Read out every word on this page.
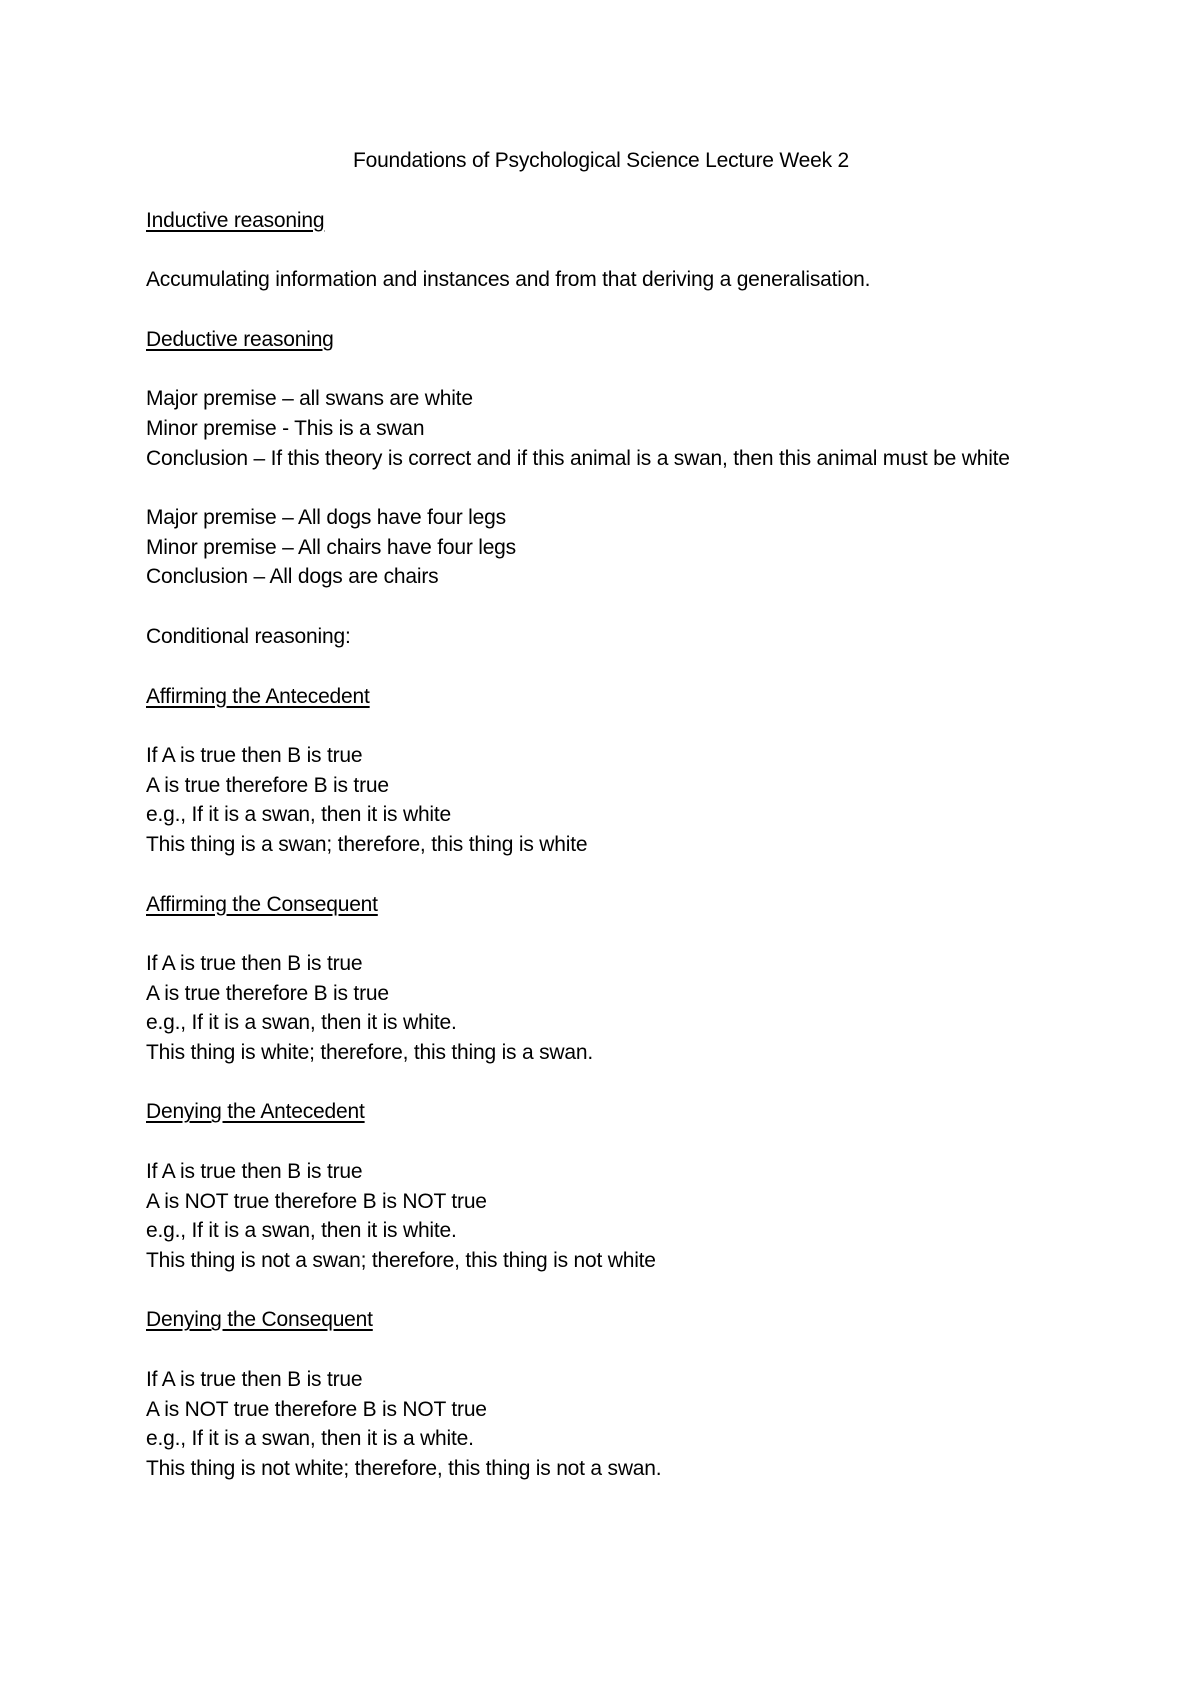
Foundations of Psychological Science Lecture Week 2
Inductive reasoning
Accumulating information and instances and from that deriving a generalisation.
Deductive reasoning
Major premise – all swans are white
Minor premise - This is a swan
Conclusion – If this theory is correct and if this animal is a swan, then this animal must be white
Major premise – All dogs have four legs
Minor premise – All chairs have four legs
Conclusion – All dogs are chairs
Conditional reasoning:
Affirming the Antecedent
If A is true then B is true
A is true therefore B is true
e.g., If it is a swan, then it is white
This thing is a swan; therefore, this thing is white
Affirming the Consequent
If A is true then B is true
A is true therefore B is true
e.g., If it is a swan, then it is white.
This thing is white; therefore, this thing is a swan.
Denying the Antecedent
If A is true then B is true
A is NOT true therefore B is NOT true
e.g., If it is a swan, then it is white.
This thing is not a swan; therefore, this thing is not white
Denying the Consequent
If A is true then B is true
A is NOT true therefore B is NOT true
e.g., If it is a swan, then it is a white.
This thing is not white; therefore, this thing is not a swan.
